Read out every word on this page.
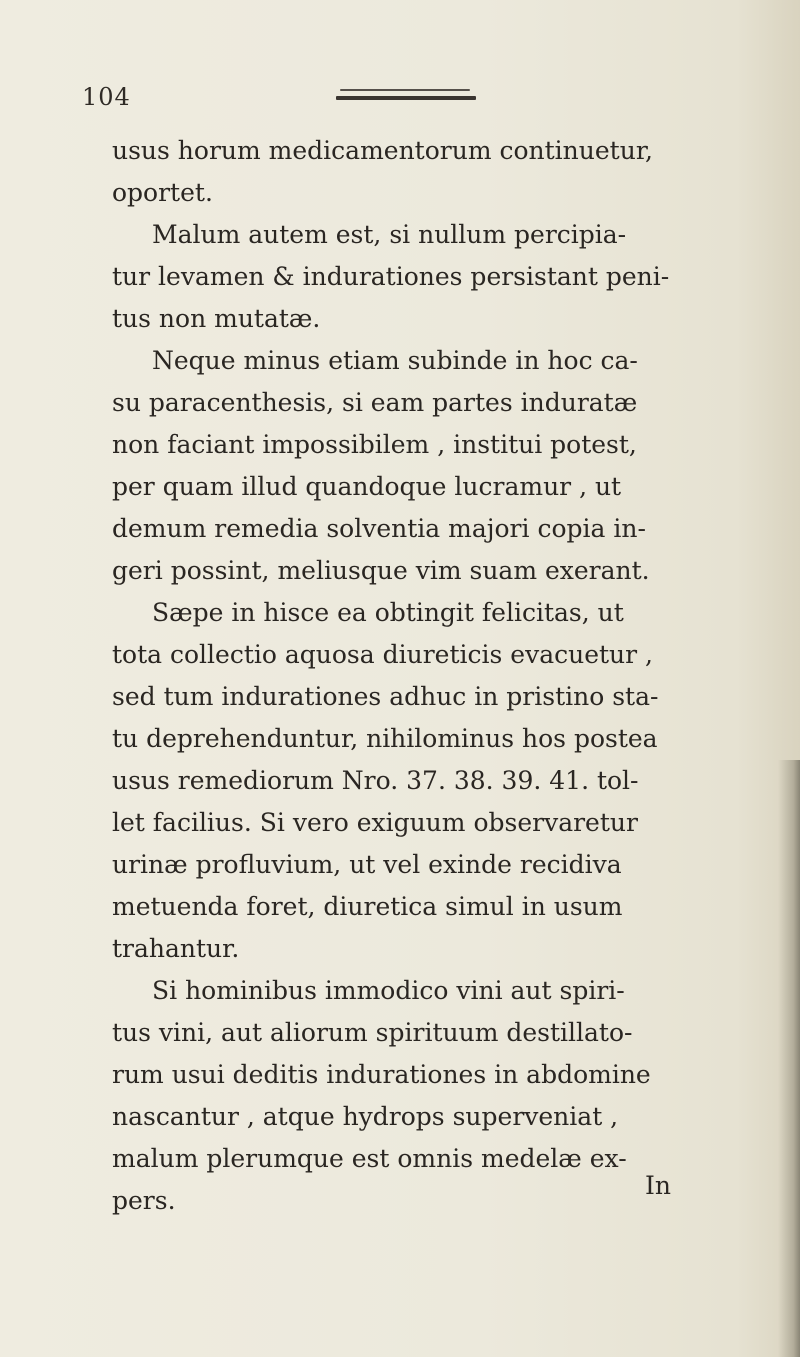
104
usus horum medicamentorum continuetur,
oportet.
Malum autem est, si nullum percipia-
tur levamen & indurationes persistant peni-
tus non mutatæ.
Neque minus etiam subinde in hoc ca-
su paracenthesis, si eam partes induratæ
non faciant impossibilem , institui potest,
per quam illud quandoque lucramur , ut
demum remedia solventia majori copia in-
geri possint, meliusque vim suam exerant.
Sæpe in hisce ea obtingit felicitas, ut
tota collectio aquosa diureticis evacuetur ,
sed tum indurationes adhuc in pristino sta-
tu deprehenduntur, nihilominus hos postea
usus remediorum Nro. 37. 38. 39. 41. tol-
let facilius. Si vero exiguum observaretur
urinæ profluvium, ut vel exinde recidiva
metuenda foret, diuretica simul in usum
trahantur.
Si hominibus immodico vini aut spiri-
tus vini, aut aliorum spirituum destillato-
rum usui deditis indurationes in abdomine
nascantur , atque hydrops superveniat ,
malum plerumque est omnis medelæ ex-
pers.
In
